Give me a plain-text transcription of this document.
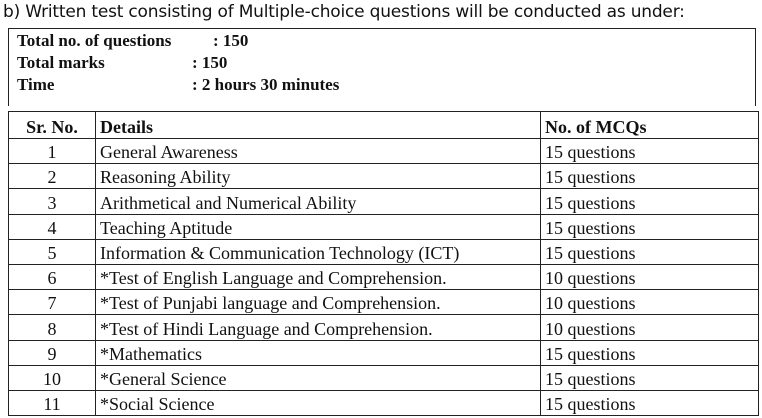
b) Written test consisting of Multiple-choice questions will be conducted as under:
Total no. of questions : 150
Total marks	: 150
Time	: 2 hours 30 minutes
Sr. No.	Details	No. of MCQs
1	General Awareness	15 questions
2	Reasoning Ability	15 questions
3	Arithmetical and Numerical Ability	15 questions
4	Teaching Aptitude	15 questions
5	Information & Communication Technology (ICT)	15 questions
6	*Test of English Language and Comprehension.	10 questions
7	*Test of Punjabi language and Comprehension.	10 questions
8	*Test of Hindi Language and Comprehension.	10 questions
9	*Mathematics	15 questions
10	*General Science	15 questions
11	*Social Science	15 questions
